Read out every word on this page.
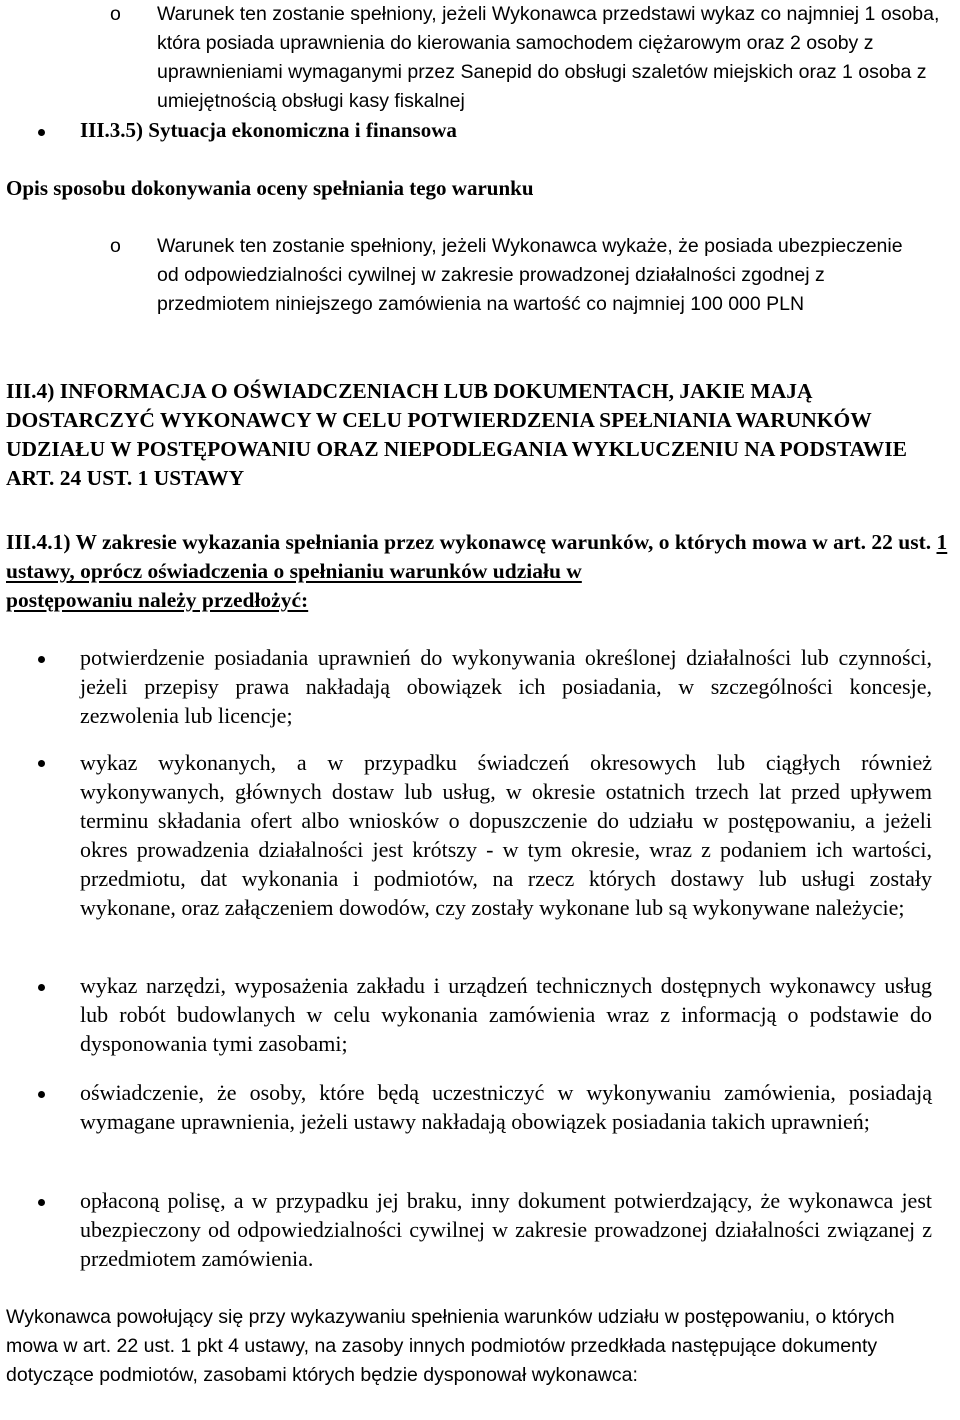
o Warunek ten zostanie spełniony, jeżeli Wykonawca przedstawi wykaz co najmniej 1 osoba, która posiada uprawnienia do kierowania samochodem ciężarowym oraz 2 osoby z uprawnieniami wymaganymi przez Sanepid do obsługi szaletów miejskich oraz 1 osoba z umiejętnością obsługi kasy fiskalnej
III.3.5) Sytuacja ekonomiczna i finansowa
Opis sposobu dokonywania oceny spełniania tego warunku
o Warunek ten zostanie spełniony, jeżeli Wykonawca wykaże, że posiada ubezpieczenie od odpowiedzialności cywilnej w zakresie prowadzonej działalności zgodnej z przedmiotem niniejszego zamówienia na wartość co najmniej 100 000 PLN
III.4) INFORMACJA O OŚWIADCZENIACH LUB DOKUMENTACH, JAKIE MAJĄ DOSTARCZYĆ WYKONAWCY W CELU POTWIERDZENIA SPEŁNIANIA WARUNKÓW UDZIAŁU W POSTĘPOWANIU ORAZ NIEPODLEGANIA WYKLUCZENIU NA PODSTAWIE ART. 24 UST. 1 USTAWY
III.4.1) W zakresie wykazania spełniania przez wykonawcę warunków, o których mowa w art. 22 ust. 1 ustawy, oprócz oświadczenia o spełnianiu warunków udziału w
postępowaniu należy przedłożyć:
potwierdzenie posiadania uprawnień do wykonywania określonej działalności lub czynności, jeżeli przepisy prawa nakładają obowiązek ich posiadania, w szczególności koncesje, zezwolenia lub licencje;
wykaz wykonanych, a w przypadku świadczeń okresowych lub ciągłych również wykonywanych, głównych dostaw lub usług, w okresie ostatnich trzech lat przed upływem terminu składania ofert albo wniosków o dopuszczenie do udziału w postępowaniu, a jeżeli okres prowadzenia działalności jest krótszy - w tym okresie, wraz z podaniem ich wartości, przedmiotu, dat wykonania i podmiotów, na rzecz których dostawy lub usługi zostały wykonane, oraz załączeniem dowodów, czy zostały wykonane lub są wykonywane należycie;
wykaz narzędzi, wyposażenia zakładu i urządzeń technicznych dostępnych wykonawcy usług lub robót budowlanych w celu wykonania zamówienia wraz z informacją o podstawie do dysponowania tymi zasobami;
oświadczenie, że osoby, które będą uczestniczyć w wykonywaniu zamówienia, posiadają wymagane uprawnienia, jeżeli ustawy nakładają obowiązek posiadania takich uprawnień;
opłaconą polisę, a w przypadku jej braku, inny dokument potwierdzający, że wykonawca jest ubezpieczony od odpowiedzialności cywilnej w zakresie prowadzonej działalności związanej z przedmiotem zamówienia.
Wykonawca powołujący się przy wykazywaniu spełnienia warunków udziału w postępowaniu, o których mowa w art. 22 ust. 1 pkt 4 ustawy, na zasoby innych podmiotów przedkłada następujące dokumenty dotyczące podmiotów, zasobami których będzie dysponował wykonawca:
